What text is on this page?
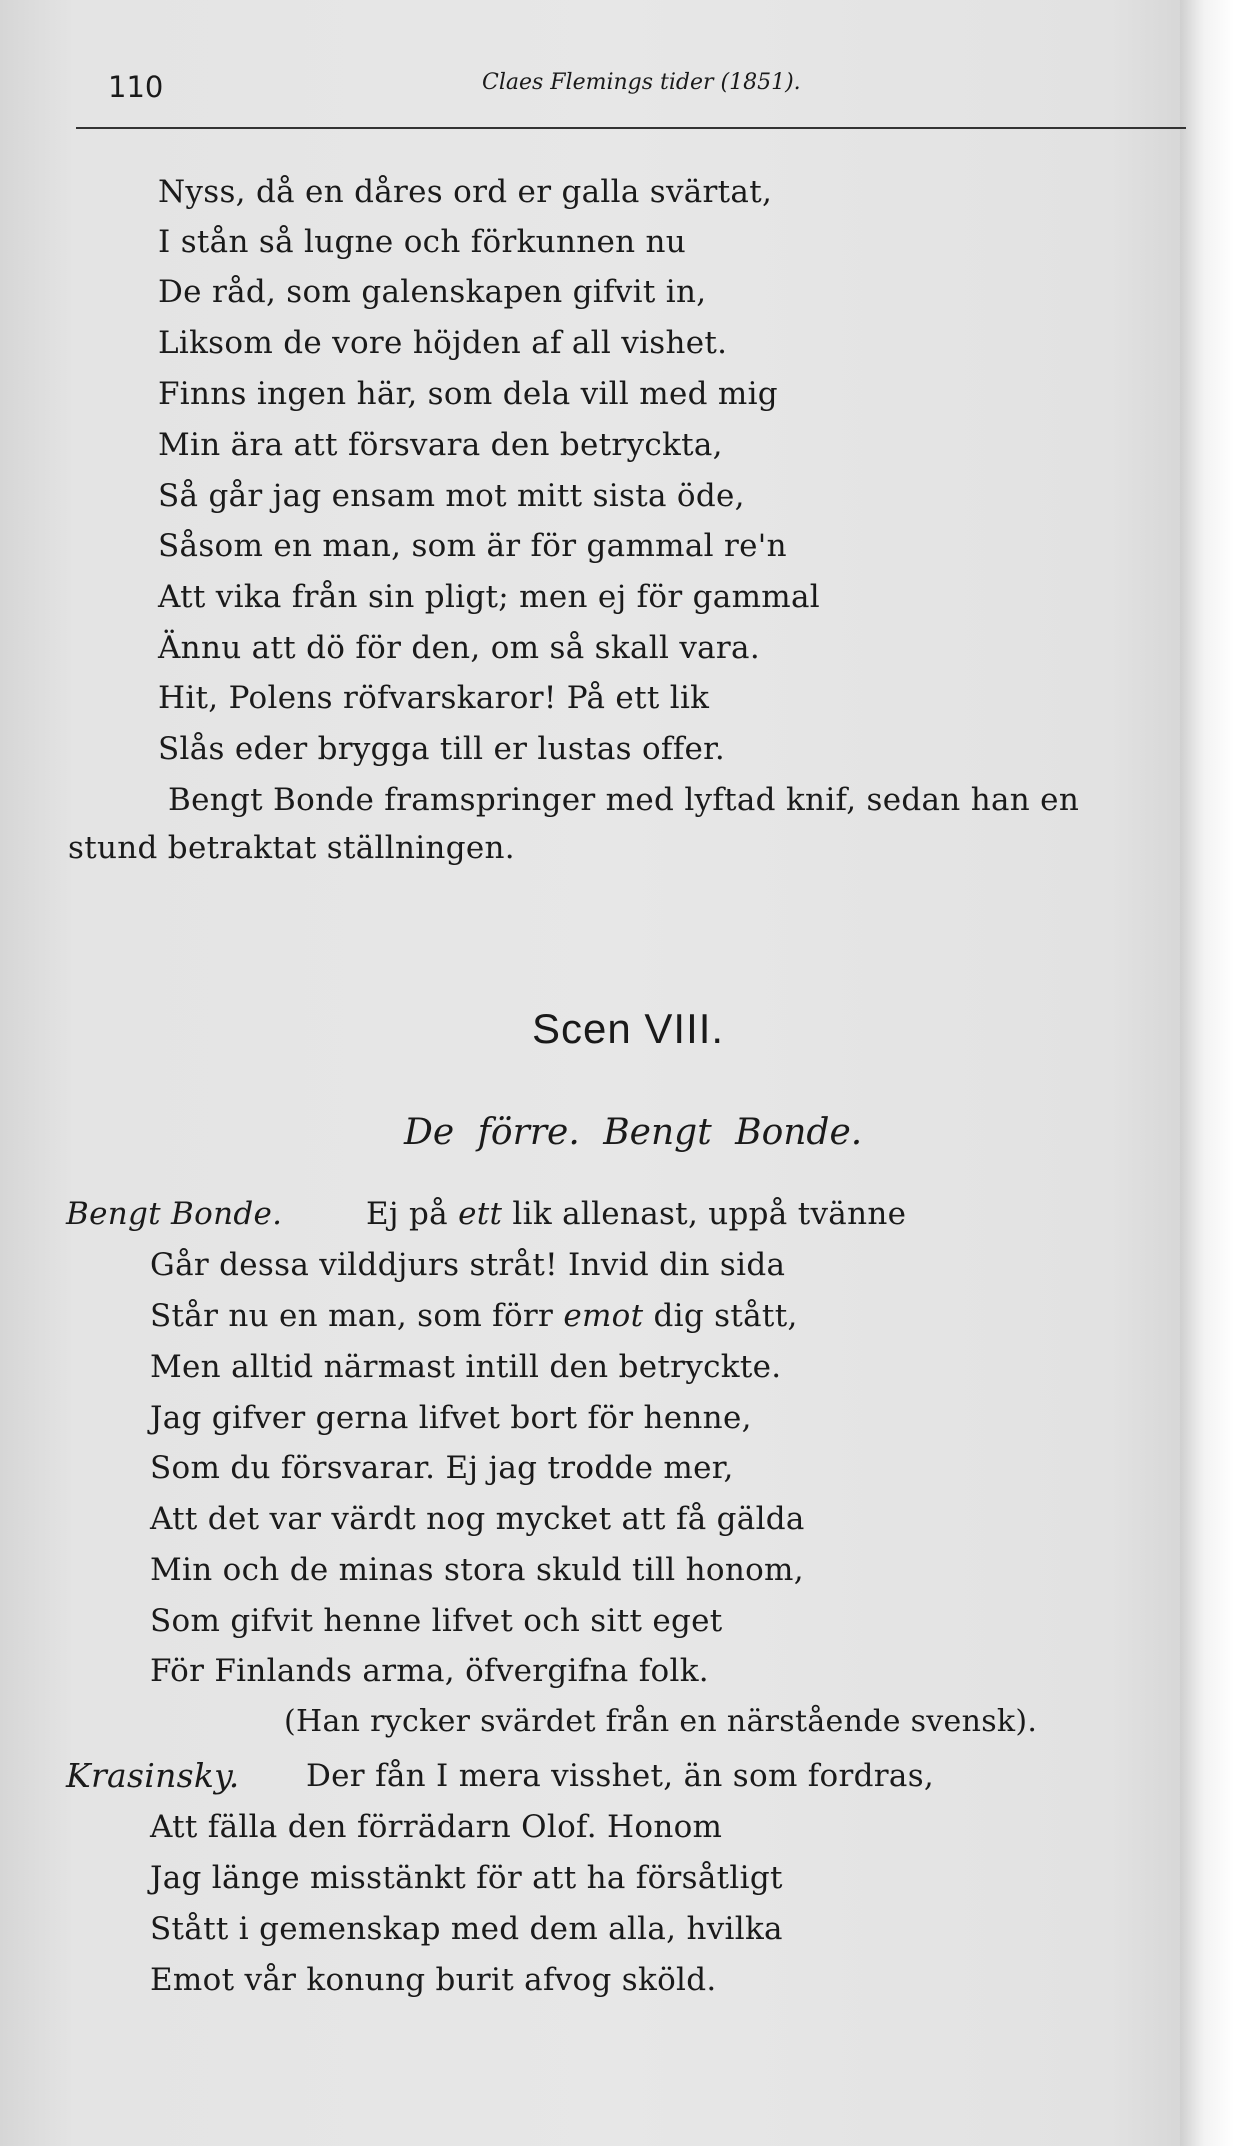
110	Claes Flemings tider (1851).
Nyss, då en dåres ord er galla svärtat,
I stån så lugne och förkunnen nu
De råd, som galenskapen gifvit in,
Liksom de vore höjden af all vishet.
Finns ingen här, som dela vill med mig
Min ära att försvara den betryckta,
Så går jag ensam mot mitt sista öde,
Såsom en man, som är för gammal re'n
Att vika från sin pligt; men ej för gammal
Ännu att dö för den, om så skall vara.
Hit, Polens röfvarskaror! På ett lik
Slås eder brygga till er lustas offer.
Bengt Bonde framspringer med lyftad knif, sedan han en
stund betraktat ställningen.
Scen VIII.
De förre. Bengt Bonde.
Bengt Bonde.	Ej på ett lik allenast, uppå tvänne
Går dessa vilddjurs stråt! Invid din sida
Står nu en man, som förr emot dig stått,
Men alltid närmast intill den betryckte.
Jag gifver gerna lifvet bort för henne,
Som du försvarar. Ej jag trodde mer,
Att det var värdt nog mycket att få gälda
Min och de minas stora skuld till honom,
Som gifvit henne lifvet och sitt eget
För Finlands arma, öfvergifna folk.
(Han rycker svärdet från en närstående svensk).
Krasinsky. Der fån I mera visshet, än som fordras,
Att fälla den förrädarn Olof. Honom
Jag länge misstänkt för att ha försåtligt
Stått i gemenskap med dem alla, hvilka
Emot vår konung burit afvog sköld.
